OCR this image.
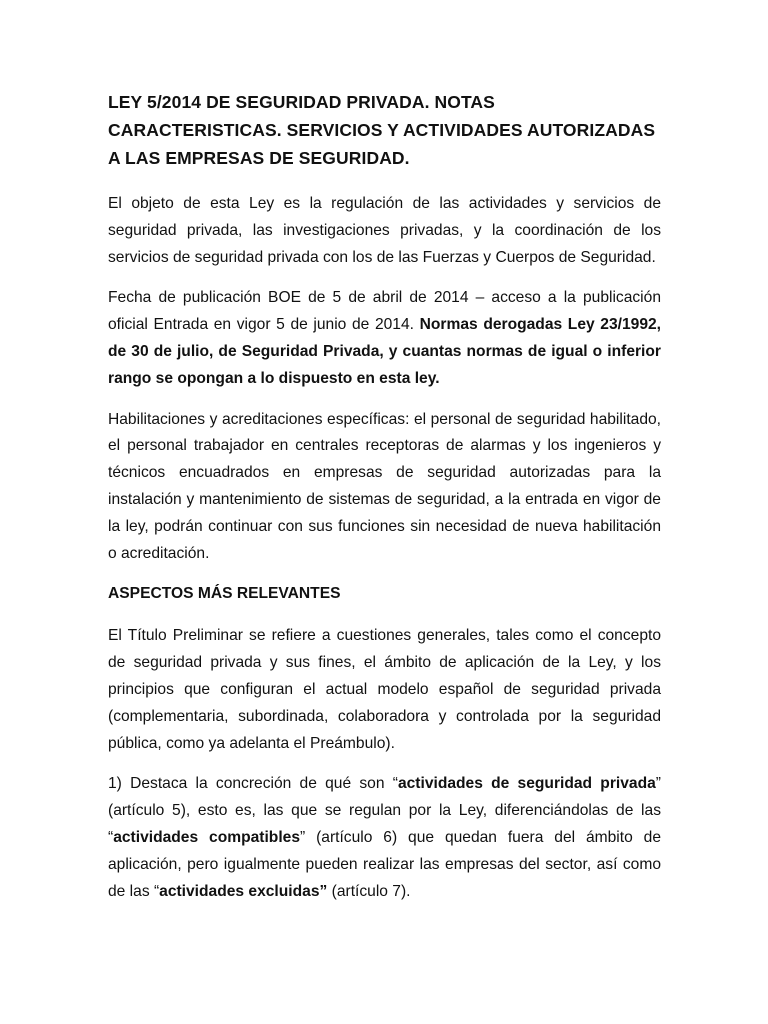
LEY 5/2014 DE SEGURIDAD PRIVADA. NOTAS CARACTERISTICAS. SERVICIOS Y ACTIVIDADES AUTORIZADAS A LAS EMPRESAS DE SEGURIDAD.

El objeto de esta Ley es la regulación de las actividades y servicios de seguridad privada, las investigaciones privadas, y la coordinación de los servicios de seguridad privada con los de las Fuerzas y Cuerpos de Seguridad.

Fecha de publicación BOE de 5 de abril de 2014 – acceso a la publicación oficial Entrada en vigor 5 de junio de 2014. Normas derogadas Ley 23/1992, de 30 de julio, de Seguridad Privada, y cuantas normas de igual o inferior rango se opongan a lo dispuesto en esta ley.

Habilitaciones y acreditaciones específicas: el personal de seguridad habilitado, el personal trabajador en centrales receptoras de alarmas y los ingenieros y técnicos encuadrados en empresas de seguridad autorizadas para la instalación y mantenimiento de sistemas de seguridad, a la entrada en vigor de la ley, podrán continuar con sus funciones sin necesidad de nueva habilitación o acreditación.

ASPECTOS MÁS RELEVANTES

El Título Preliminar se refiere a cuestiones generales, tales como el concepto de seguridad privada y sus fines, el ámbito de aplicación de la Ley, y los principios que configuran el actual modelo español de seguridad privada (complementaria, subordinada, colaboradora y controlada por la seguridad pública, como ya adelanta el Preámbulo).

1) Destaca la concreción de qué son “actividades de seguridad privada” (artículo 5), esto es, las que se regulan por la Ley, diferenciándolas de las “actividades compatibles” (artículo 6) que quedan fuera del ámbito de aplicación, pero igualmente pueden realizar las empresas del sector, así como de las “actividades excluidas” (artículo 7).
